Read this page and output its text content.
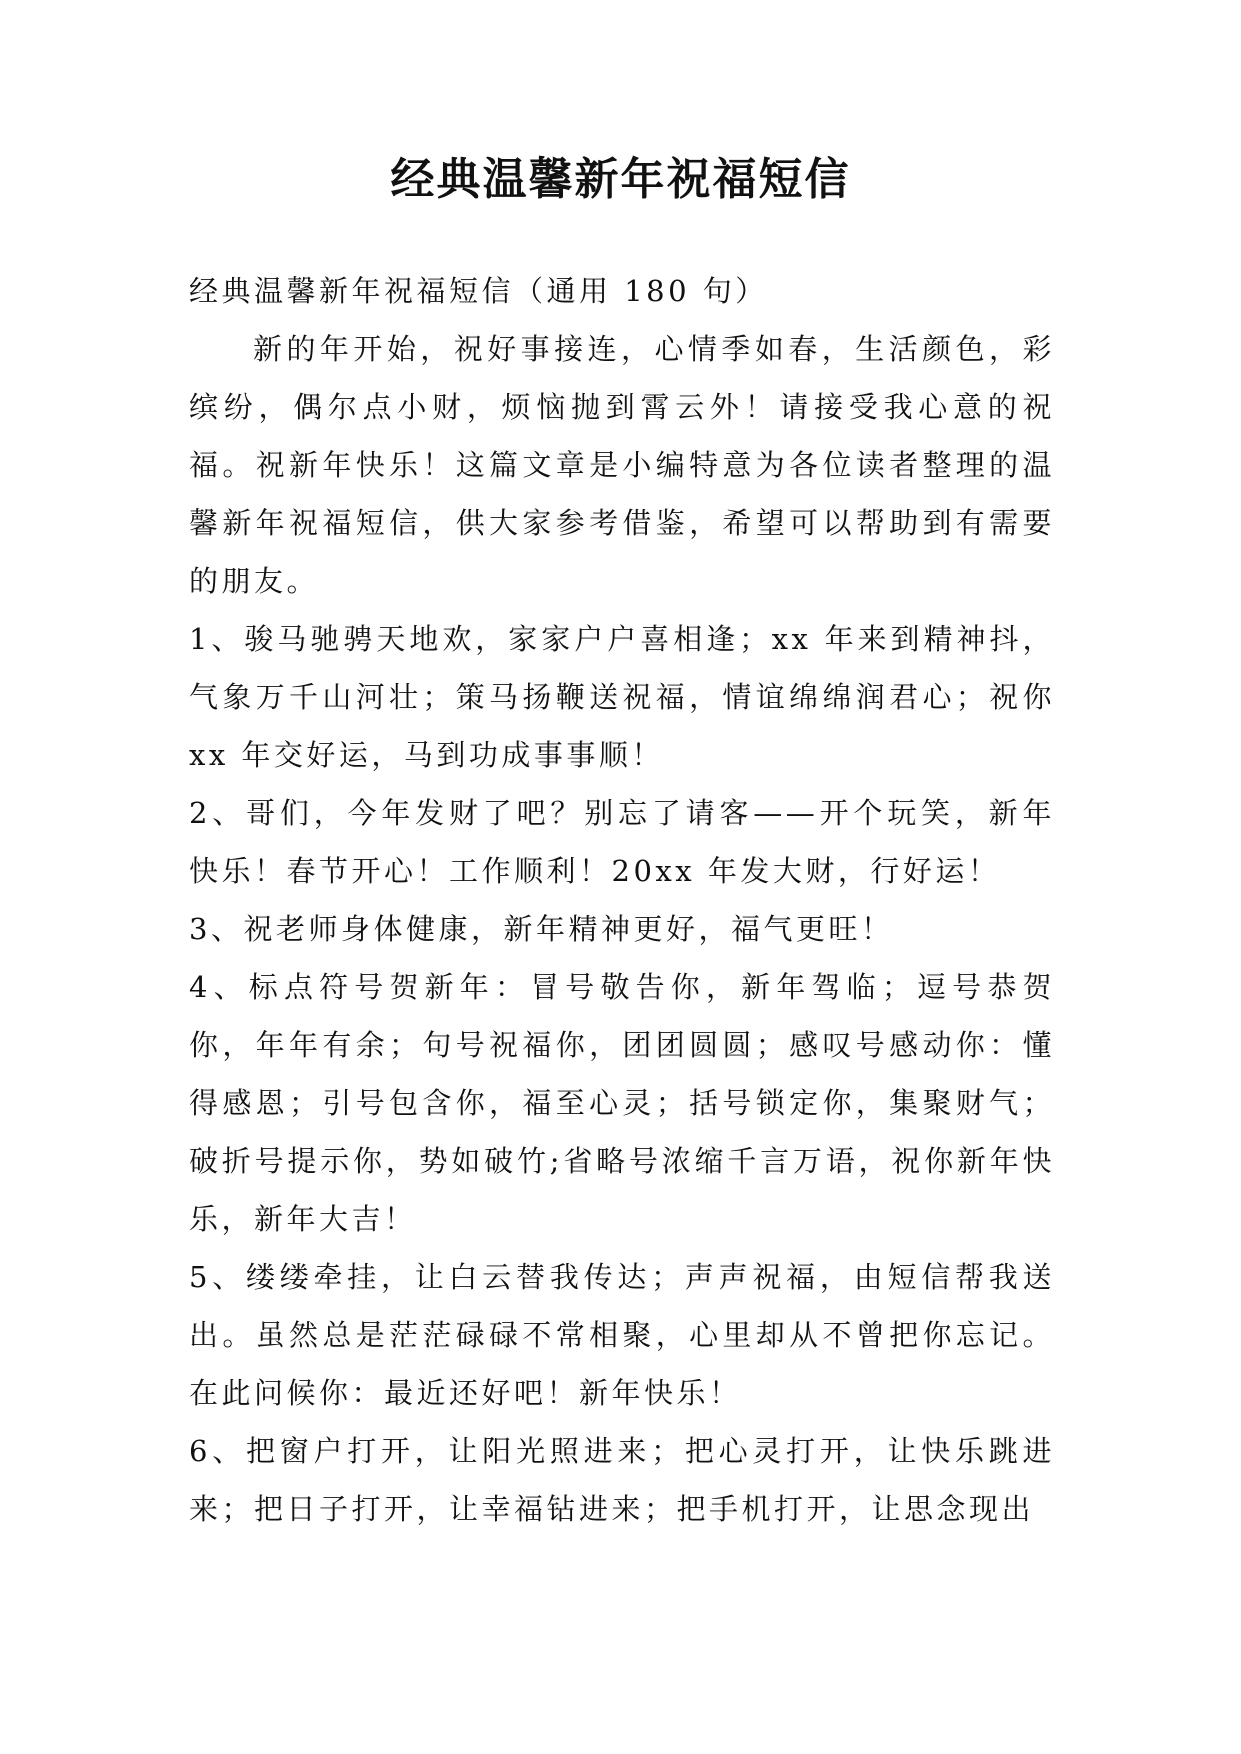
经典温馨新年祝福短信

经典温馨新年祝福短信（通用 180 句）

新的年开始，祝好事接连，心情季如春，生活颜色，彩缤纷，偶尔点小财，烦恼抛到霄云外！请接受我心意的祝福。祝新年快乐！这篇文章是小编特意为各位读者整理的温馨新年祝福短信，供大家参考借鉴，希望可以帮助到有需要的朋友。

1、骏马驰骋天地欢，家家户户喜相逢；xx 年来到精神抖，气象万千山河壮；策马扬鞭送祝福，情谊绵绵润君心；祝你 xx 年交好运，马到功成事事顺！

2、哥们，今年发财了吧？别忘了请客——开个玩笑，新年快乐！春节开心！工作顺利！20xx 年发大财，行好运！

3、祝老师身体健康，新年精神更好，福气更旺！

4、标点符号贺新年：冒号敬告你，新年驾临；逗号恭贺你，年年有余；句号祝福你，团团圆圆；感叹号感动你：懂得感恩；引号包含你，福至心灵；括号锁定你，集聚财气；破折号提示你，势如破竹;省略号浓缩千言万语，祝你新年快乐，新年大吉！

5、缕缕牵挂，让白云替我传达；声声祝福，由短信帮我送出。虽然总是茫茫碌碌不常相聚，心里却从不曾把你忘记。在此问候你：最近还好吧！新年快乐！

6、把窗户打开，让阳光照进来；把心灵打开，让快乐跳进来；把日子打开，让幸福钻进来；把手机打开，让思念现出
